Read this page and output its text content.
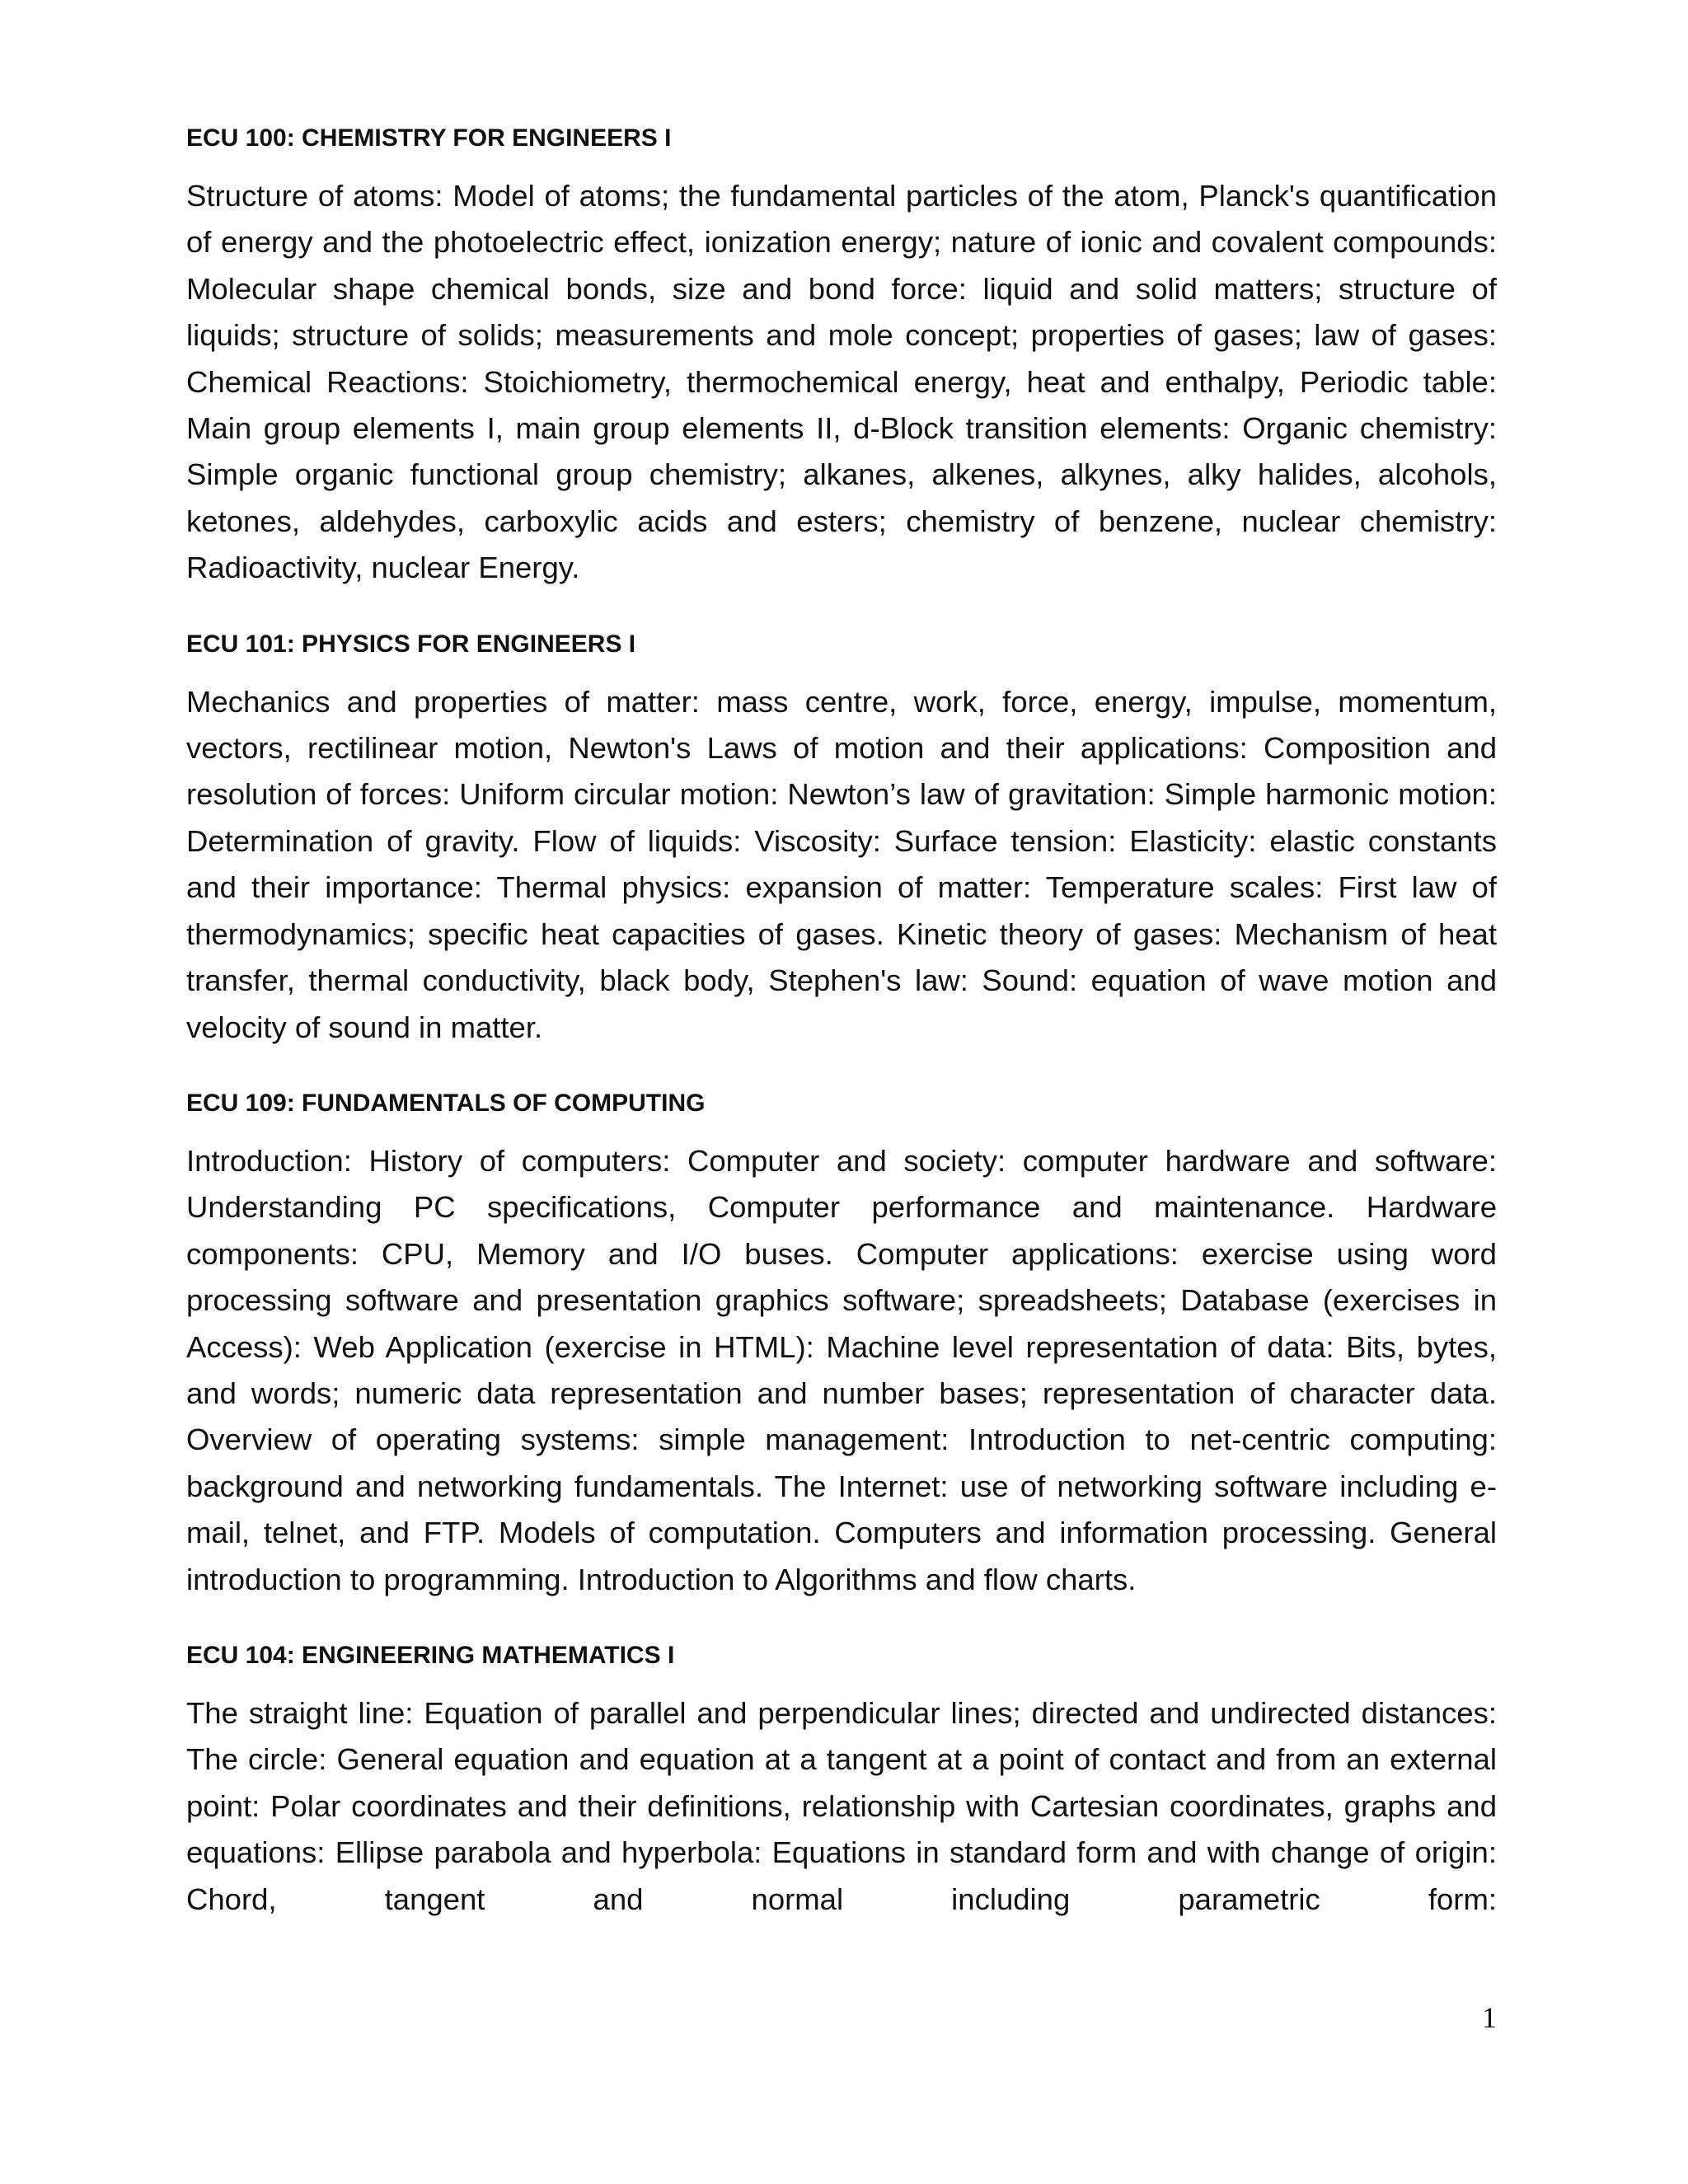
ECU 100: CHEMISTRY FOR ENGINEERS I

Structure of atoms: Model of atoms; the fundamental particles of the atom, Planck's quantification of energy and the photoelectric effect, ionization energy; nature of ionic and covalent compounds: Molecular shape chemical bonds, size and bond force: liquid and solid matters; structure of liquids; structure of solids; measurements and mole concept; properties of gases; law of gases: Chemical Reactions: Stoichiometry, thermochemical energy, heat and enthalpy, Periodic table: Main group elements I, main group elements II, d-Block transition elements: Organic chemistry: Simple organic functional group chemistry; alkanes, alkenes, alkynes, alky halides, alcohols, ketones, aldehydes, carboxylic acids and esters; chemistry of benzene, nuclear chemistry: Radioactivity, nuclear Energy.

ECU 101: PHYSICS FOR ENGINEERS I

Mechanics and properties of matter: mass centre, work, force, energy, impulse, momentum, vectors, rectilinear motion, Newton's Laws of motion and their applications: Composition and resolution of forces: Uniform circular motion: Newton’s law of gravitation: Simple harmonic motion: Determination of gravity. Flow of liquids: Viscosity: Surface tension: Elasticity: elastic constants and their importance: Thermal physics: expansion of matter: Temperature scales: First law of thermodynamics; specific heat capacities of gases. Kinetic theory of gases: Mechanism of heat transfer, thermal conductivity, black body, Stephen's law: Sound: equation of wave motion and velocity of sound in matter.

ECU 109: FUNDAMENTALS OF COMPUTING

Introduction: History of computers: Computer and society: computer hardware and software: Understanding PC specifications, Computer performance and maintenance. Hardware components: CPU, Memory and I/O buses. Computer applications: exercise using word processing software and presentation graphics software; spreadsheets; Database (exercises in Access): Web Application (exercise in HTML): Machine level representation of data: Bits, bytes, and words; numeric data representation and number bases; representation of character data. Overview of operating systems: simple management: Introduction to net-centric computing: background and networking fundamentals. The Internet: use of networking software including e-mail, telnet, and FTP. Models of computation. Computers and information processing. General introduction to programming. Introduction to Algorithms and flow charts.

ECU 104: ENGINEERING MATHEMATICS I

The straight line: Equation of parallel and perpendicular lines; directed and undirected distances: The circle: General equation and equation at a tangent at a point of contact and from an external point: Polar coordinates and their definitions, relationship with Cartesian coordinates, graphs and equations: Ellipse parabola and hyperbola: Equations in standard form and with change of origin: Chord, tangent and normal including parametric form:

1
